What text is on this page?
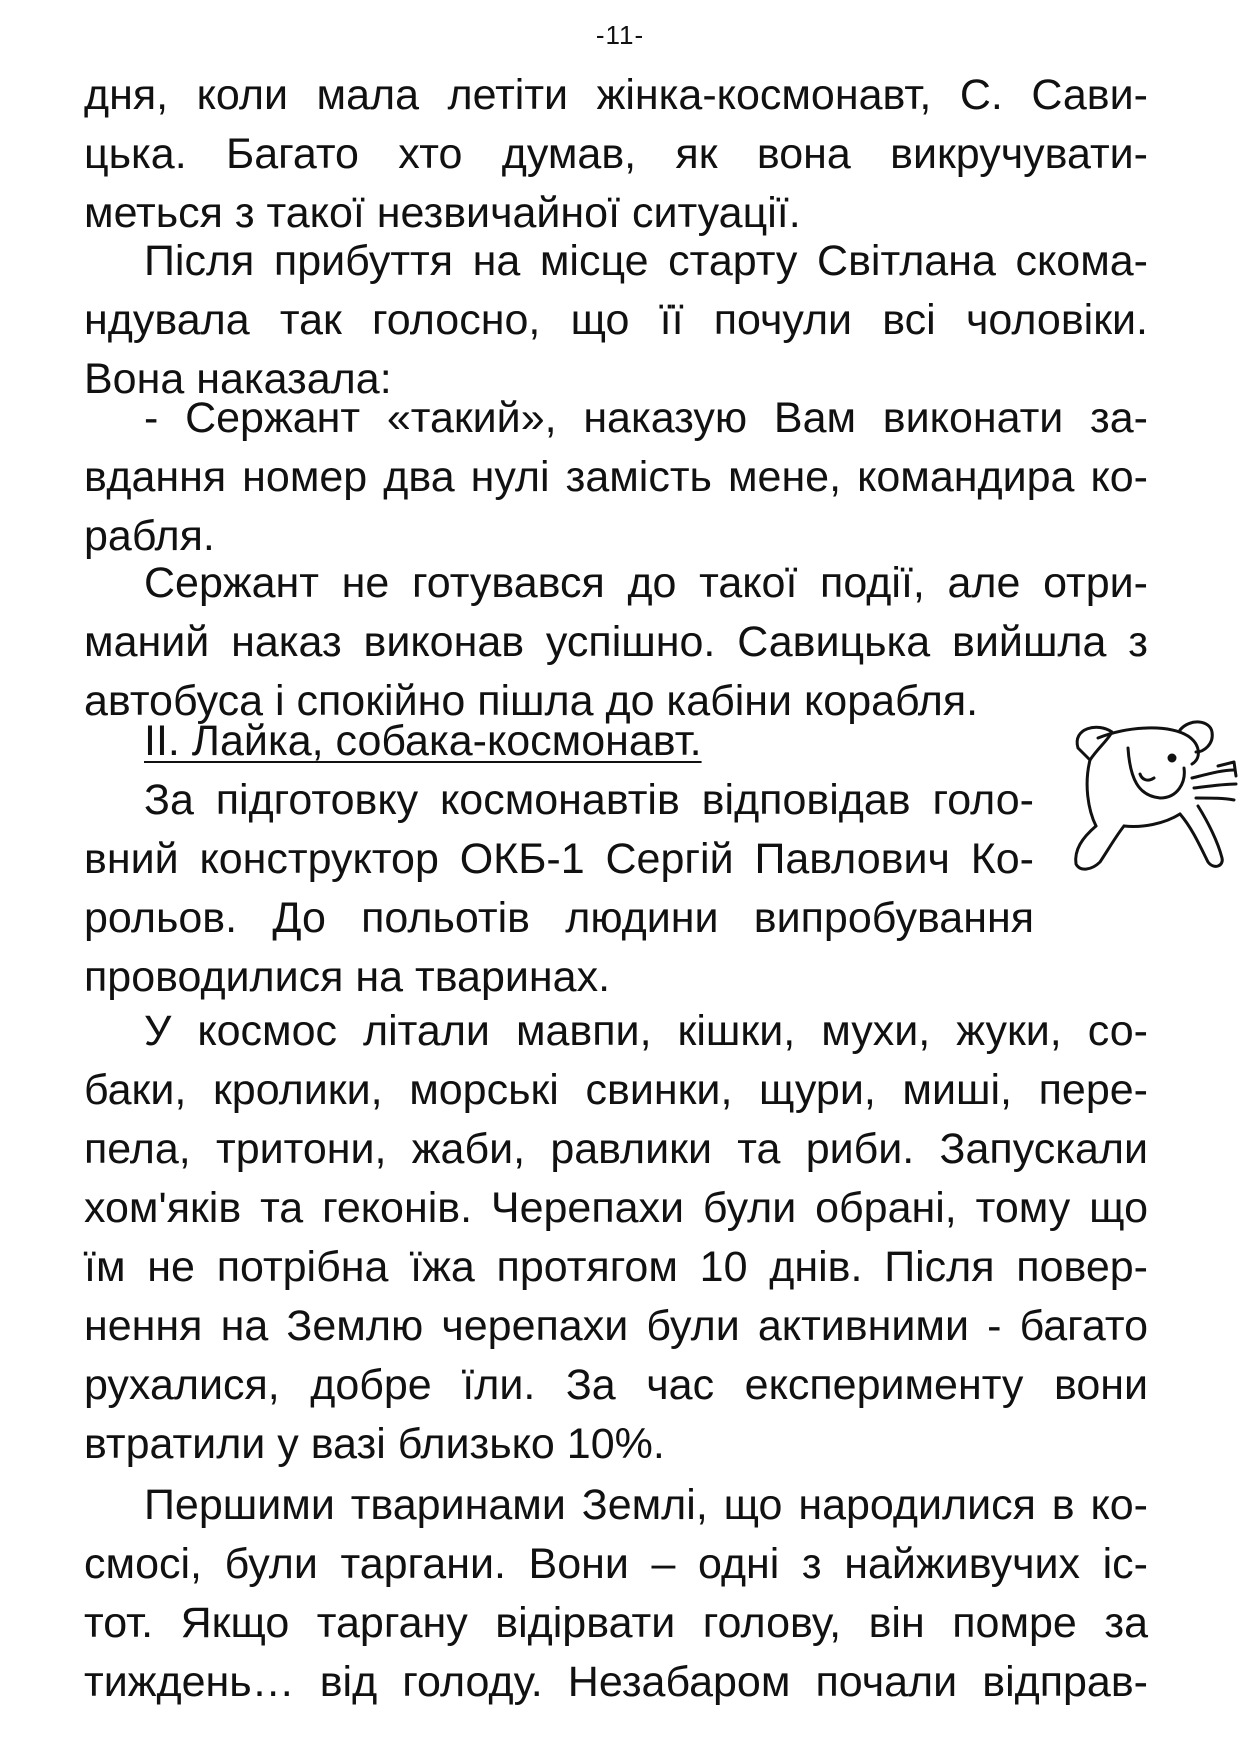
-11-
дня, коли мала летіти жінка-космонавт, С. Сави-
цька. Багато хто думав, як вона викручувати-
меться з такої незвичайної ситуації.
Після прибуття на місце старту Світлана скома-
ндувала так голосно, що її почули всі чоловіки.
Вона наказала:
- Сержант «такий», наказую Вам виконати за-
вдання номер два нулі замість мене, командира ко-
рабля.
Сержант не готувався до такої події, але отри-
маний наказ виконав успішно. Савицька вийшла з
автобуса і спокійно пішла до кабіни корабля.
ІІ. Лайка, собака-космонавт.
За підготовку космонавтів відповідав голо-
вний конструктор ОКБ-1 Сергій Павлович Ко-
рольов. До польотів людини випробування
проводилися на тваринах.
У космос літали мавпи, кішки, мухи, жуки, со-
баки, кролики, морські свинки, щури, миші, пере-
пела, тритони, жаби, равлики та риби. Запускали
хом'яків та геконів. Черепахи були обрані, тому що
їм не потрібна їжа протягом 10 днів. Після повер-
нення на Землю черепахи були активними - багато
рухалися, добре їли. За час експерименту вони
втратили у вазі близько 10%.
Першими тваринами Землі, що народилися в ко-
смосі, були таргани. Вони – одні з найживучих іс-
тот. Якщо таргану відірвати голову, він помре за
тиждень… від голоду. Незабаром почали відправ-
